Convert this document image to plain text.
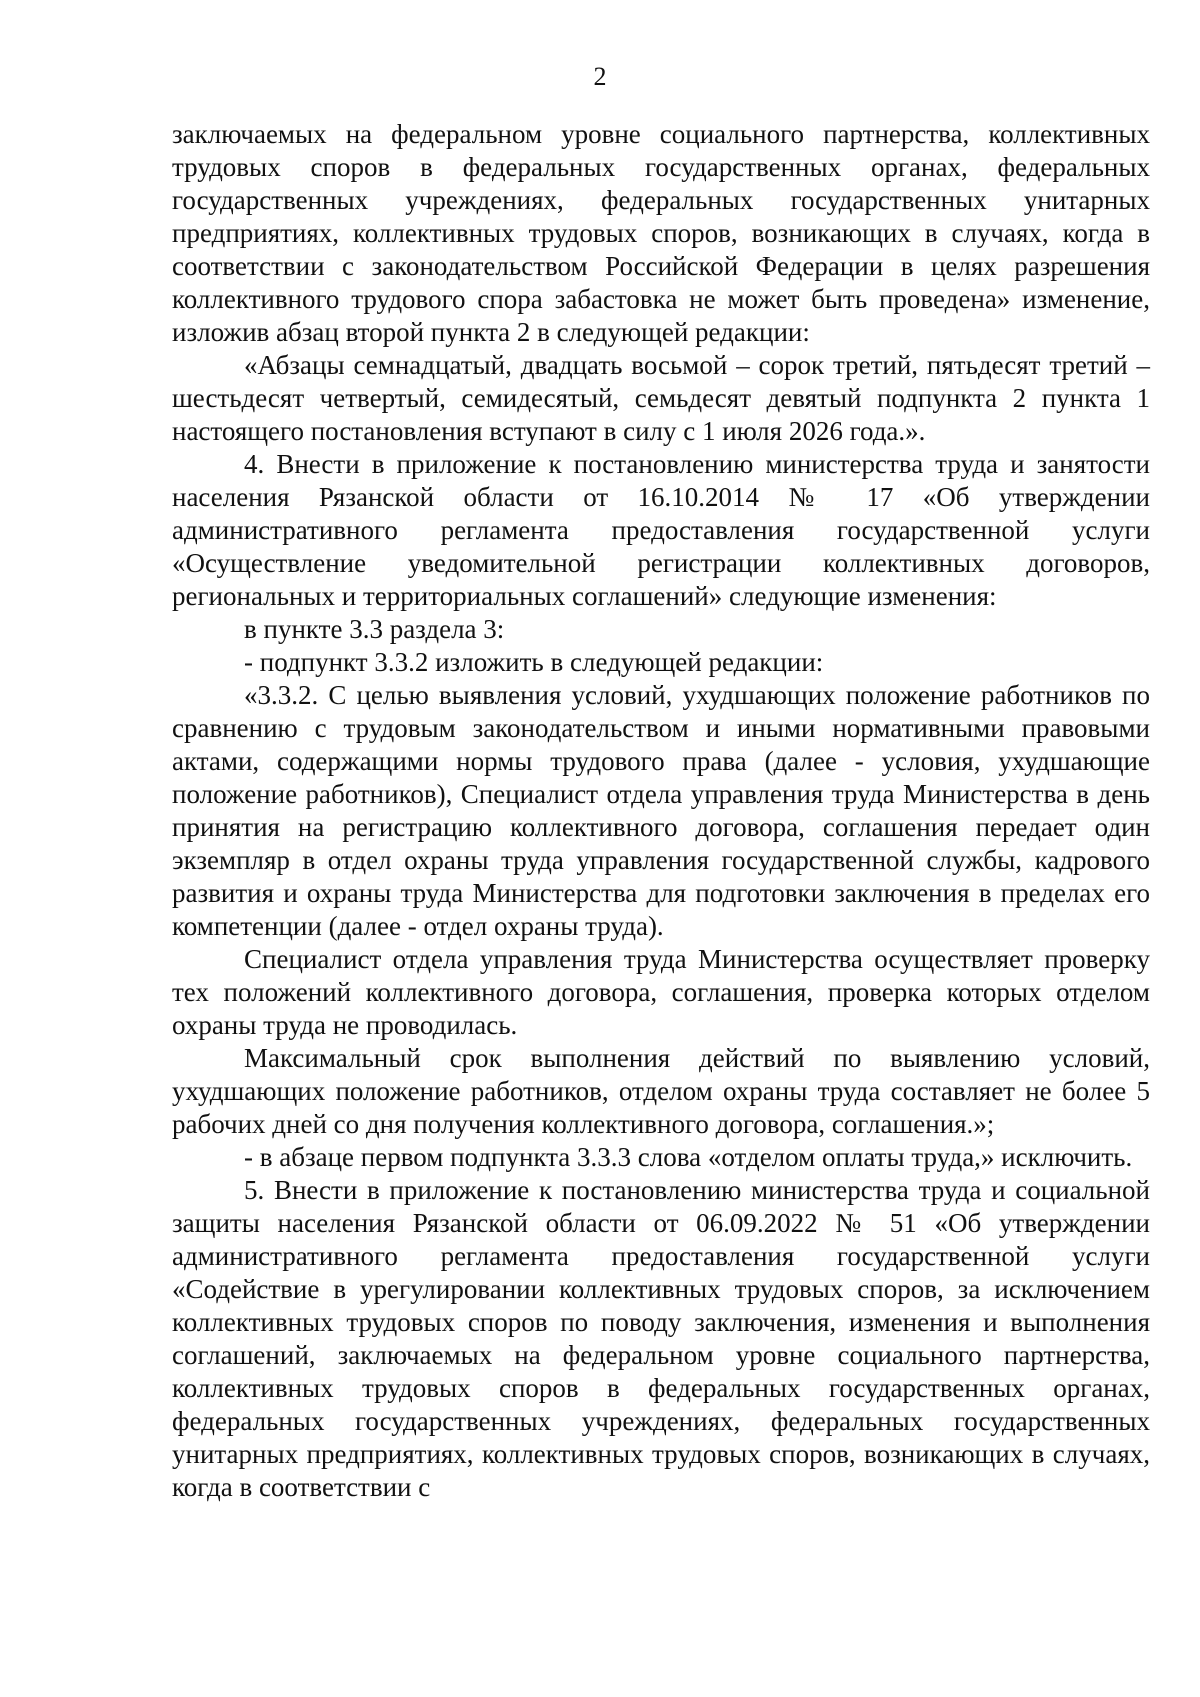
2

заключаемых на федеральном уровне социального партнерства, коллективных трудовых споров в федеральных государственных органах, федеральных государственных учреждениях, федеральных государственных унитарных предприятиях, коллективных трудовых споров, возникающих в случаях, когда в соответствии с законодательством Российской Федерации в целях разрешения коллективного трудового спора забастовка не может быть проведена» изменение, изложив абзац второй пункта 2 в следующей редакции:

«Абзацы семнадцатый, двадцать восьмой – сорок третий, пятьдесят третий – шестьдесят четвертый, семидесятый, семьдесят девятый подпункта 2 пункта 1 настоящего постановления вступают в силу с 1 июля 2026 года.».

4. Внести в приложение к постановлению министерства труда и занятости населения Рязанской области от 16.10.2014 № 17 «Об утверждении административного регламента предоставления государственной услуги «Осуществление уведомительной регистрации коллективных договоров, региональных и территориальных соглашений» следующие изменения:

в пункте 3.3 раздела 3:

- подпункт 3.3.2 изложить в следующей редакции:

«3.3.2. С целью выявления условий, ухудшающих положение работников по сравнению с трудовым законодательством и иными нормативными правовыми актами, содержащими нормы трудового права (далее - условия, ухудшающие положение работников), Специалист отдела управления труда Министерства в день принятия на регистрацию коллективного договора, соглашения передает один экземпляр в отдел охраны труда управления государственной службы, кадрового развития и охраны труда Министерства для подготовки заключения в пределах его компетенции (далее - отдел охраны труда).

Специалист отдела управления труда Министерства осуществляет проверку тех положений коллективного договора, соглашения, проверка которых отделом охраны труда не проводилась.

Максимальный срок выполнения действий по выявлению условий, ухудшающих положение работников, отделом охраны труда составляет не более 5 рабочих дней со дня получения коллективного договора, соглашения.»;

- в абзаце первом подпункта 3.3.3 слова «отделом оплаты труда,» исключить.

5. Внести в приложение к постановлению министерства труда и социальной защиты населения Рязанской области от 06.09.2022 № 51 «Об утверждении административного регламента предоставления государственной услуги «Содействие в урегулировании коллективных трудовых споров, за исключением коллективных трудовых споров по поводу заключения, изменения и выполнения соглашений, заключаемых на федеральном уровне социального партнерства, коллективных трудовых споров в федеральных государственных органах, федеральных государственных учреждениях, федеральных государственных унитарных предприятиях, коллективных трудовых споров, возникающих в случаях, когда в соответствии с
